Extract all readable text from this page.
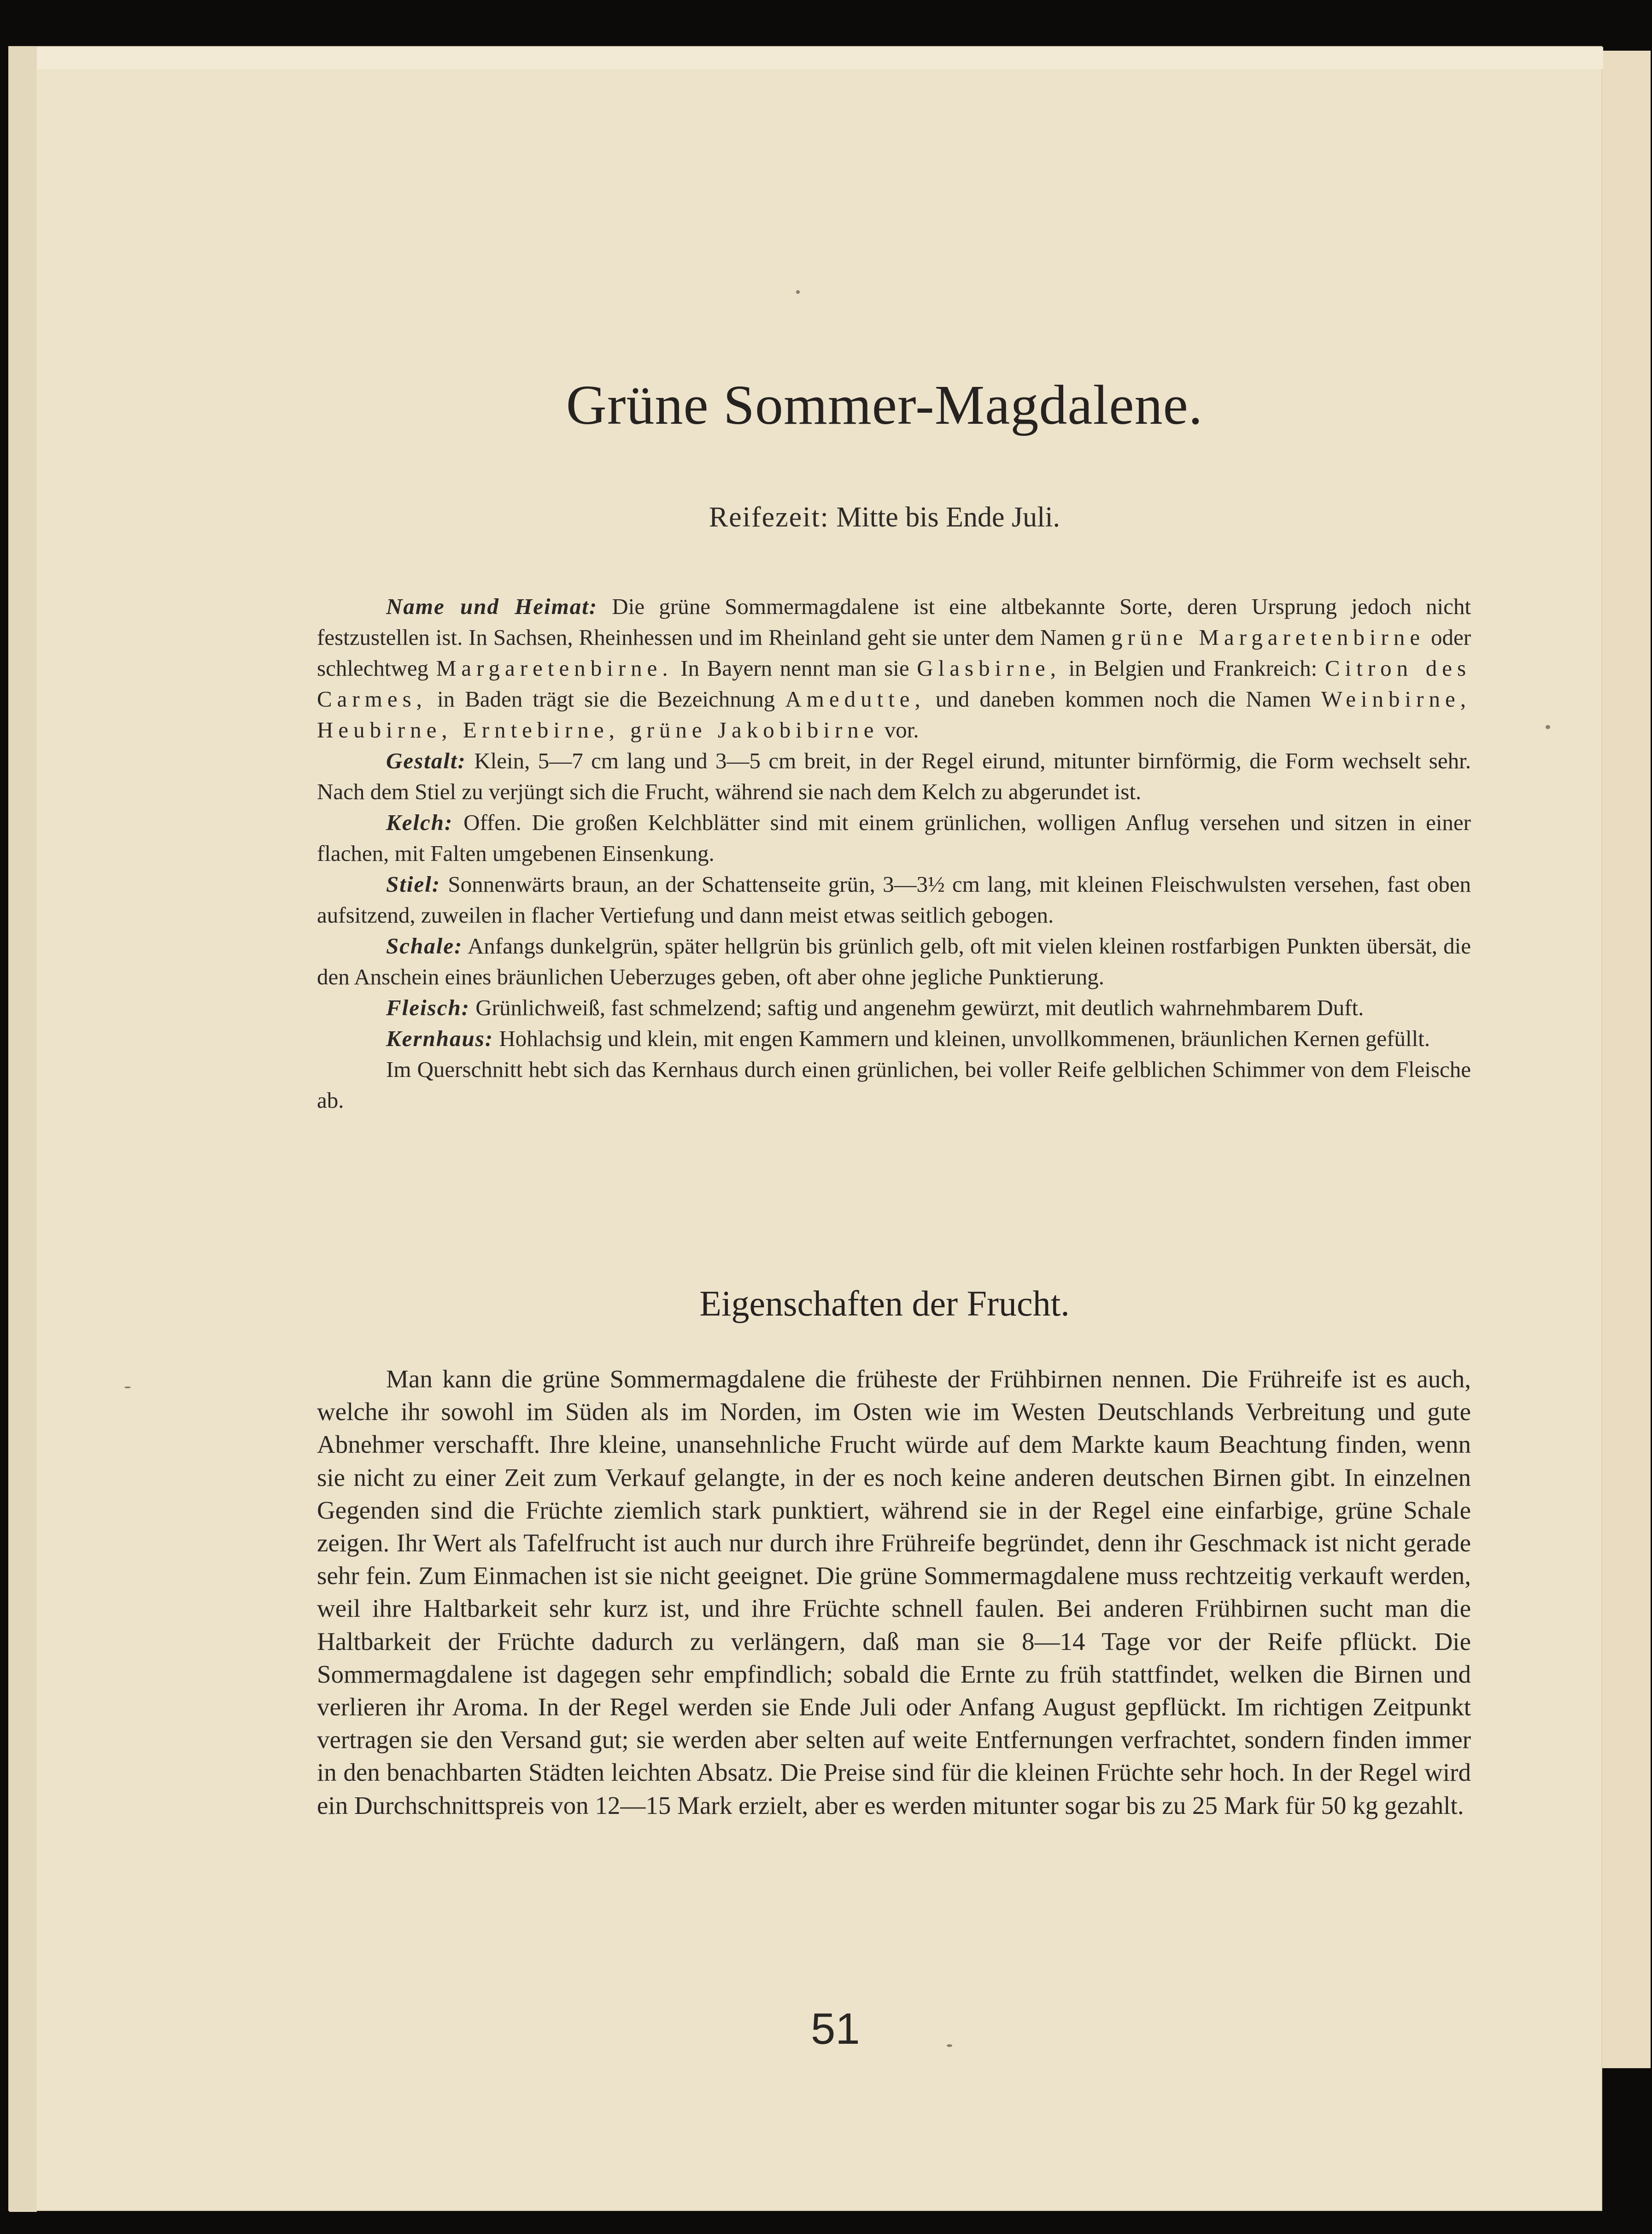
Grüne Sommer-Magdalene.
Reifezeit: Mitte bis Ende Juli.

Name und Heimat: Die grüne Sommermagdalene ist eine altbekannte Sorte, deren Ursprung jedoch nicht festzustellen ist. In Sachsen, Rheinhessen und im Rheinland geht sie unter dem Namen grüne Margaretenbirne oder schlechtweg Margaretenbirne. In Bayern nennt man sie Glasbirne, in Belgien und Frankreich: Citron des Carmes, in Baden trägt sie die Bezeichnung Amedutte, und daneben kommen noch die Namen Weinbirne, Heubirne, Erntebirne, grüne Jakobibirne vor.

Gestalt: Klein, 5—7 cm lang und 3—5 cm breit, in der Regel eirund, mitunter birnförmig, die Form wechselt sehr. Nach dem Stiel zu verjüngt sich die Frucht, während sie nach dem Kelch zu abgerundet ist.

Kelch: Offen. Die großen Kelchblätter sind mit einem grünlichen, wolligen Anflug versehen und sitzen in einer flachen, mit Falten umgebenen Einsenkung.

Stiel: Sonnenwärts braun, an der Schattenseite grün, 3—3½ cm lang, mit kleinen Fleischwulsten versehen, fast oben aufsitzend, zuweilen in flacher Vertiefung und dann meist etwas seitlich gebogen.

Schale: Anfangs dunkelgrün, später hellgrün bis grünlich gelb, oft mit vielen kleinen rostfarbigen Punkten übersät, die den Anschein eines bräunlichen Ueberzuges geben, oft aber ohne jegliche Punktierung.

Fleisch: Grünlichweiß, fast schmelzend; saftig und angenehm gewürzt, mit deutlich wahrnehmbarem Duft.

Kernhaus: Hohlachsig und klein, mit engen Kammern und kleinen, unvollkommenen, bräunlichen Kernen gefüllt.

Im Querschnitt hebt sich das Kernhaus durch einen grünlichen, bei voller Reife gelblichen Schimmer von dem Fleische ab.

Eigenschaften der Frucht.

Man kann die grüne Sommermagdalene die früheste der Frühbirnen nennen. Die Frühreife ist es auch, welche ihr sowohl im Süden als im Norden, im Osten wie im Westen Deutschlands Verbreitung und gute Abnehmer verschafft. Ihre kleine, unansehnliche Frucht würde auf dem Markte kaum Beachtung finden, wenn sie nicht zu einer Zeit zum Verkauf gelangte, in der es noch keine anderen deutschen Birnen gibt. In einzelnen Gegenden sind die Früchte ziemlich stark punktiert, während sie in der Regel eine einfarbige, grüne Schale zeigen. Ihr Wert als Tafelfrucht ist auch nur durch ihre Frühreife begründet, denn ihr Geschmack ist nicht gerade sehr fein. Zum Einmachen ist sie nicht geeignet. Die grüne Sommermagdalene muss rechtzeitig verkauft werden, weil ihre Haltbarkeit sehr kurz ist, und ihre Früchte schnell faulen. Bei anderen Frühbirnen sucht man die Haltbarkeit der Früchte dadurch zu verlängern, daß man sie 8—14 Tage vor der Reife pflückt. Die Sommermagdalene ist dagegen sehr empfindlich; sobald die Ernte zu früh stattfindet, welken die Birnen und verlieren ihr Aroma. In der Regel werden sie Ende Juli oder Anfang August gepflückt. Im richtigen Zeitpunkt vertragen sie den Versand gut; sie werden aber selten auf weite Entfernungen verfrachtet, sondern finden immer in den benachbarten Städten leichten Absatz. Die Preise sind für die kleinen Früchte sehr hoch. In der Regel wird ein Durchschnittspreis von 12—15 Mark erzielt, aber es werden mitunter sogar bis zu 25 Mark für 50 kg gezahlt.

51
